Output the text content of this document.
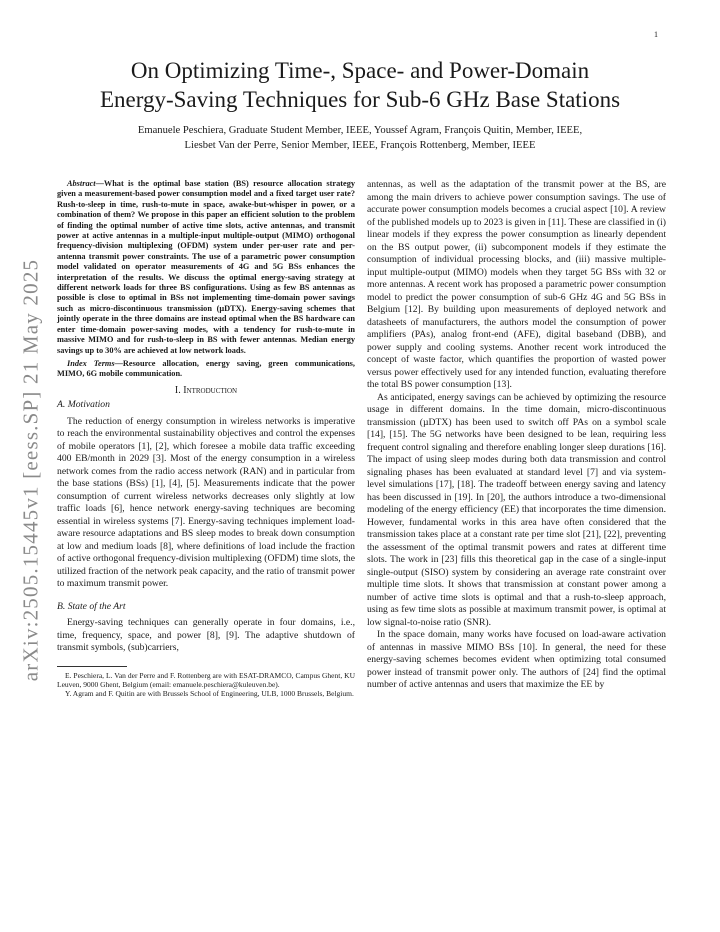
1
arXiv:2505.15445v1 [eess.SP] 21 May 2025
On Optimizing Time-, Space- and Power-Domain
Energy-Saving Techniques for Sub-6 GHz Base Stations
Emanuele Peschiera, Graduate Student Member, IEEE, Youssef Agram, François Quitin, Member, IEEE,
Liesbet Van der Perre, Senior Member, IEEE, François Rottenberg, Member, IEEE

Abstract—What is the optimal base station (BS) resource allocation strategy given a measurement-based power consumption model and a fixed target user rate? Rush-to-sleep in time, rush-to-mute in space, awake-but-whisper in power, or a combination of them? We propose in this paper an efficient solution to the problem of finding the optimal number of active time slots, active antennas, and transmit power at active antennas in a multiple-input multiple-output (MIMO) orthogonal frequency-division multiplexing (OFDM) system under per-user rate and per-antenna transmit power constraints. The use of a parametric power consumption model validated on operator measurements of 4G and 5G BSs enhances the interpretation of the results. We discuss the optimal energy-saving strategy at different network loads for three BS configurations. Using as few BS antennas as possible is close to optimal in BSs not implementing time-domain power savings such as micro-discontinuous transmission (µDTX). Energy-saving schemes that jointly operate in the three domains are instead optimal when the BS hardware can enter time-domain power-saving modes, with a tendency for rush-to-mute in massive MIMO and for rush-to-sleep in BS with fewer antennas. Median energy savings up to 30% are achieved at low network loads.

Index Terms—Resource allocation, energy saving, green communications, MIMO, 6G mobile communication.

I. Introduction

A. Motivation

The reduction of energy consumption in wireless networks is imperative to reach the environmental sustainability objectives and control the expenses of mobile operators [1], [2], which foresee a mobile data traffic exceeding 400 EB/month in 2029 [3]. Most of the energy consumption in a wireless network comes from the radio access network (RAN) and in particular from the base stations (BSs) [1], [4], [5]. Measurements indicate that the power consumption of current wireless networks decreases only slightly at low traffic loads [6], hence network energy-saving techniques are becoming essential in wireless systems [7]. Energy-saving techniques implement load-aware resource adaptations and BS sleep modes to break down consumption at low and medium loads [8], where definitions of load include the fraction of active orthogonal frequency-division multiplexing (OFDM) time slots, the utilized fraction of the network peak capacity, and the ratio of transmit power to maximum transmit power.

B. State of the Art

Energy-saving techniques can generally operate in four domains, i.e., time, frequency, space, and power [8], [9]. The adaptive shutdown of transmit symbols, (sub)carriers,

E. Peschiera, L. Van der Perre and F. Rottenberg are with ESAT-DRAMCO, Campus Ghent, KU Leuven, 9000 Ghent, Belgium (email: emanuele.peschiera@kuleuven.be).

Y. Agram and F. Quitin are with Brussels School of Engineering, ULB, 1000 Brussels, Belgium.

antennas, as well as the adaptation of the transmit power at the BS, are among the main drivers to achieve power consumption savings. The use of accurate power consumption models becomes a crucial aspect [10]. A review of the published models up to 2023 is given in [11]. These are classified in (i) linear models if they express the power consumption as linearly dependent on the BS output power, (ii) subcomponent models if they estimate the consumption of individual processing blocks, and (iii) massive multiple-input multiple-output (MIMO) models when they target 5G BSs with 32 or more antennas. A recent work has proposed a parametric power consumption model to predict the power consumption of sub-6 GHz 4G and 5G BSs in Belgium [12]. By building upon measurements of deployed network and datasheets of manufacturers, the authors model the consumption of power amplifiers (PAs), analog front-end (AFE), digital baseband (DBB), and power supply and cooling systems. Another recent work introduced the concept of waste factor, which quantifies the proportion of wasted power versus power effectively used for any intended function, evaluating therefore the total BS power consumption [13].

As anticipated, energy savings can be achieved by optimizing the resource usage in different domains. In the time domain, micro-discontinuous transmission (µDTX) has been used to switch off PAs on a symbol scale [14], [15]. The 5G networks have been designed to be lean, requiring less frequent control signaling and therefore enabling longer sleep durations [16]. The impact of using sleep modes during both data transmission and control signaling phases has been evaluated at standard level [7] and via system-level simulations [17], [18]. The tradeoff between energy saving and latency has been discussed in [19]. In [20], the authors introduce a two-dimensional modeling of the energy efficiency (EE) that incorporates the time dimension. However, fundamental works in this area have often considered that the transmission takes place at a constant rate per time slot [21], [22], preventing the assessment of the optimal transmit powers and rates at different time slots. The work in [23] fills this theoretical gap in the case of a single-input single-output (SISO) system by considering an average rate constraint over multiple time slots. It shows that transmission at constant power among a number of active time slots is optimal and that a rush-to-sleep approach, using as few time slots as possible at maximum transmit power, is optimal at low signal-to-noise ratio (SNR).

In the space domain, many works have focused on load-aware activation of antennas in massive MIMO BSs [10]. In general, the need for these energy-saving schemes becomes evident when optimizing total consumed power instead of transmit power only. The authors of [24] find the optimal number of active antennas and users that maximize the EE by
